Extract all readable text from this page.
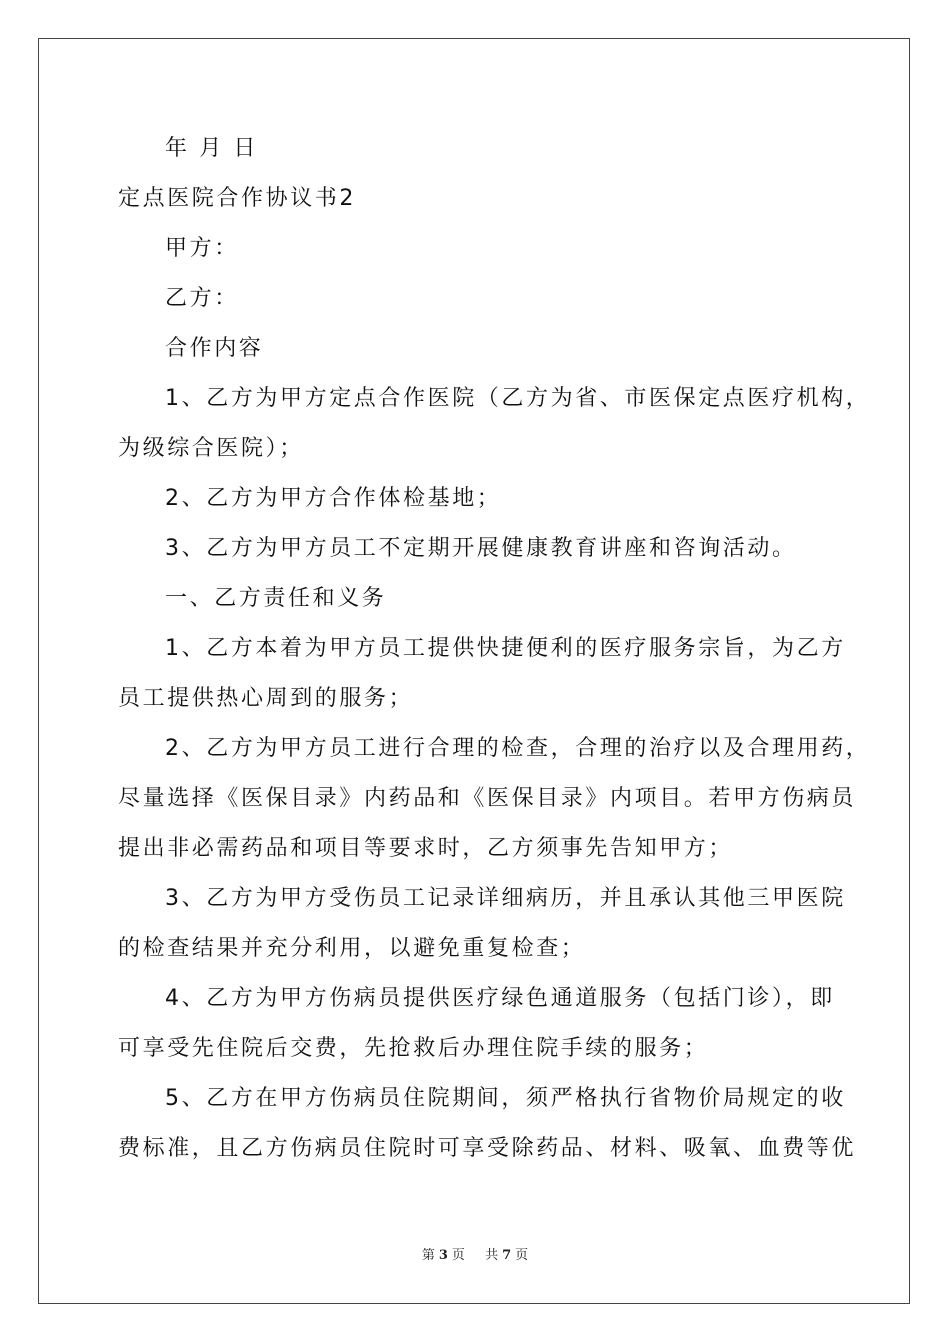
年 月 日
定点医院合作协议书2
甲方：
乙方：
合作内容
1、乙方为甲方定点合作医院（乙方为省、市医保定点医疗机构，
为级综合医院）；
2、乙方为甲方合作体检基地；
3、乙方为甲方员工不定期开展健康教育讲座和咨询活动。
一、乙方责任和义务
1、乙方本着为甲方员工提供快捷便利的医疗服务宗旨，为乙方
员工提供热心周到的服务；
2、乙方为甲方员工进行合理的检查，合理的治疗以及合理用药，
尽量选择《医保目录》内药品和《医保目录》内项目。若甲方伤病员
提出非必需药品和项目等要求时，乙方须事先告知甲方；
3、乙方为甲方受伤员工记录详细病历，并且承认其他三甲医院
的检查结果并充分利用，以避免重复检查；
4、乙方为甲方伤病员提供医疗绿色通道服务（包括门诊），即
可享受先住院后交费，先抢救后办理住院手续的服务；
5、乙方在甲方伤病员住院期间，须严格执行省物价局规定的收
费标准，且乙方伤病员住院时可享受除药品、材料、吸氧、血费等优
第 3 页 共 7 页
